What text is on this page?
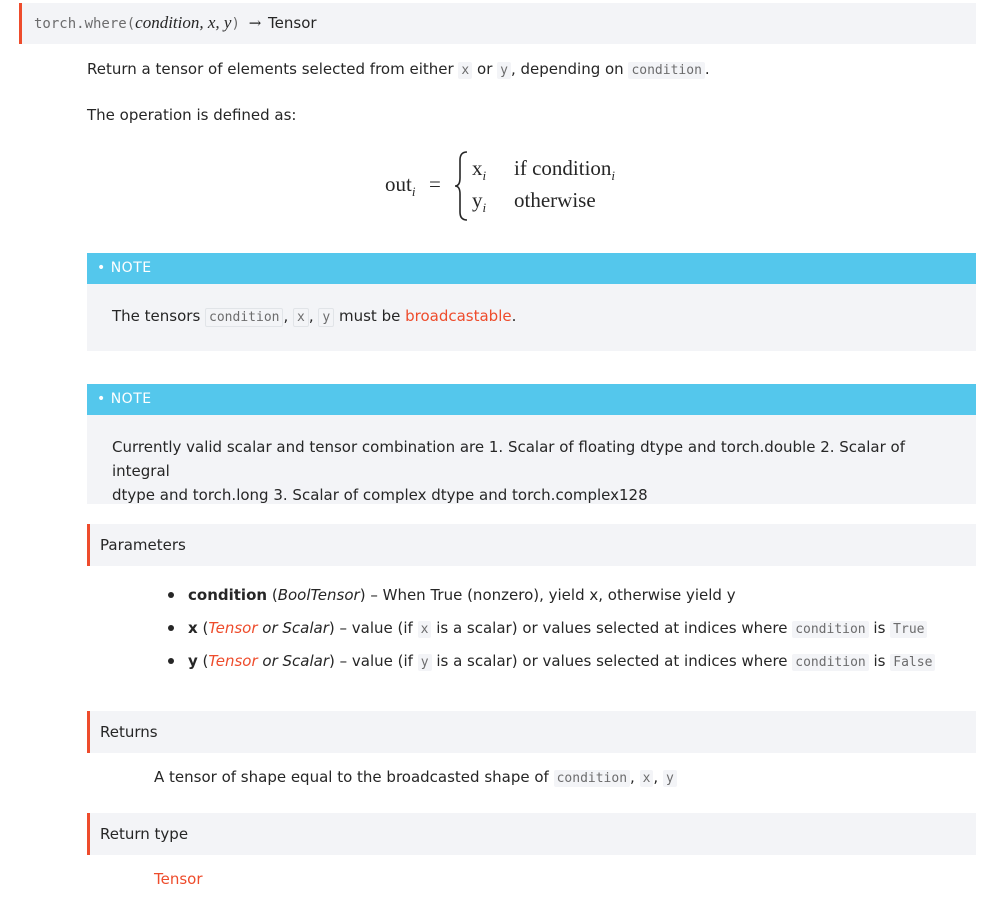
torch.where(condition, x, y) → Tensor
Return a tensor of elements selected from either x or y , depending on condition .
The operation is defined as:
out$_i$ =
$x_i$ if condition$_i$
$y_i$ otherwise
• NOTE
The tensors condition , x , y must be broadcastable.
• NOTE
Currently valid scalar and tensor combination are 1. Scalar of floating dtype and torch.double 2. Scalar of integral
dtype and torch.long 3. Scalar of complex dtype and torch.complex128
Parameters
condition (BoolTensor) – When True (nonzero), yield x, otherwise yield y
x (Tensor or Scalar) – value (if x is a scalar) or values selected at indices where condition is True
y (Tensor or Scalar) – value (if y is a scalar) or values selected at indices where condition is False
Returns
A tensor of shape equal to the broadcasted shape of condition , x , y
Return type
Tensor
